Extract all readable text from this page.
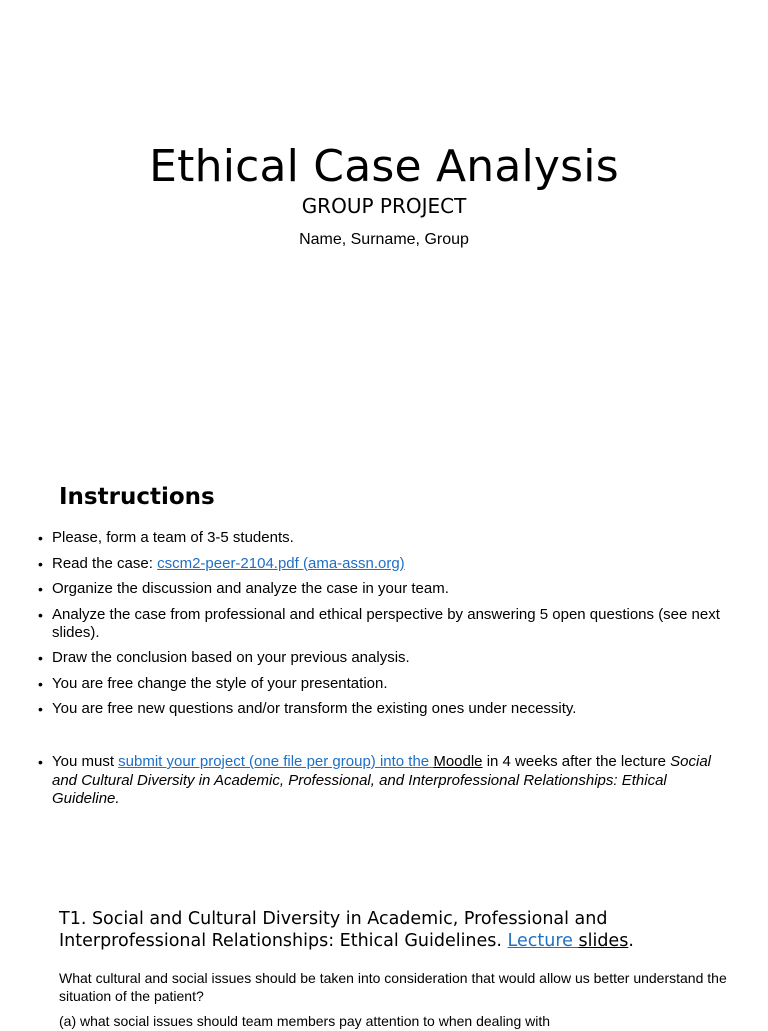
Ethical Case Analysis
GROUP PROJECT
Name, Surname, Group
Instructions
• Please, form a team of 3-5 students.
• Read the case: cscm2-peer-2104.pdf (ama-assn.org)
• Organize the discussion and analyze the case in your team.
• Analyze the case from professional and ethical perspective by answering 5 open questions (see next slides).
• Draw the conclusion based on your previous analysis.
• You are free change the style of your presentation.
• You are free new questions and/or transform the existing ones under necessity.
• You must submit your project (one file per group) into the Moodle in 4 weeks after the lecture Social and Cultural Diversity in Academic, Professional, and Interprofessional Relationships: Ethical Guideline.
T1. Social and Cultural Diversity in Academic, Professional and Interprofessional Relationships: Ethical Guidelines. Lecture slides.
What cultural and social issues should be taken into consideration that would allow us better understand the situation of the patient?
(a) what social issues should team members pay attention to when dealing with
